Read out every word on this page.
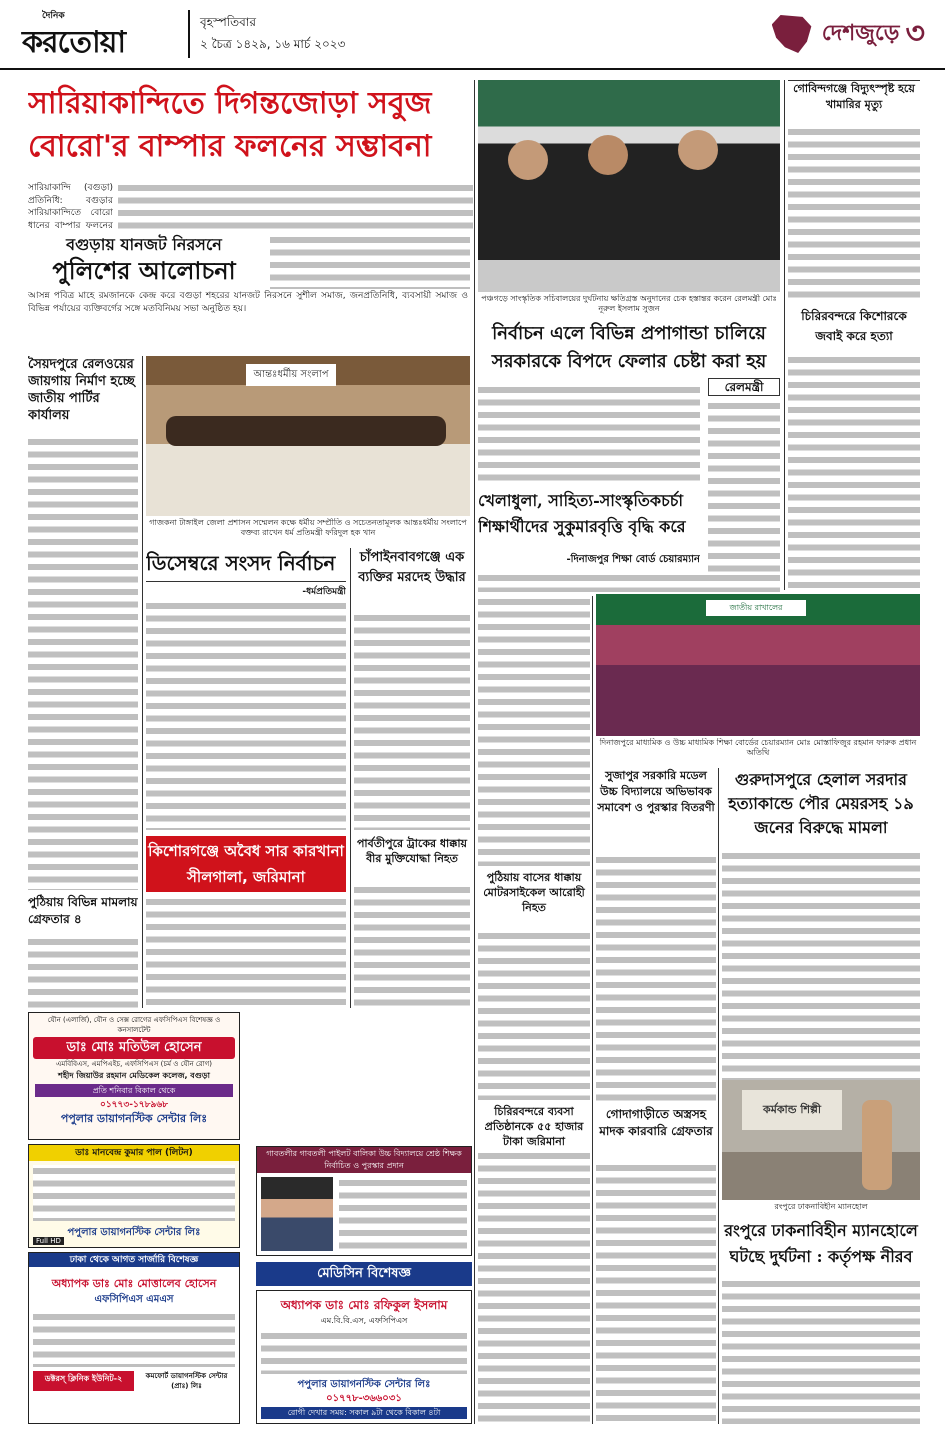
দৈনিক
করতোয়া
বৃহস্পতিবার
২ চৈত্র ১৪২৯, ১৬ মার্চ ২০২৩	দেশজুড়ে ৩
সারিয়াকান্দিতে দিগন্তজোড়া সবুজ
বোরো'র বাম্পার ফলনের সম্ভাবনা
সারিয়াকান্দি (বগুড়া) প্রতিনিধি: বগুড়ার সারিয়াকান্দিতে বোরো ধানের বাম্পার ফলনের
বগুড়ায় যানজট নিরসনে
পুলিশের আলোচনা
আসন্ন পবিত্র মাহে রমজানকে কেন্দ্র করে বগুড়া শহরের যানজট নিরসনে সুশীল সমাজ, জনপ্রতিনিধি, ব্যবসায়ী সমাজ ও বিভিন্ন পর্যায়ের ব্যক্তিবর্গের সঙ্গে মতবিনিময় সভা অনুষ্ঠিত হয়।
সৈয়দপুরে রেলওয়ের জায়গায় নির্মাণ হচ্ছে জাতীয় পার্টির কার্যালয়
পুঠিয়ায় বিভিন্ন মামলায় গ্রেফতার ৪
আন্তঃধর্মীয় সংলাপ
গাজকনা টাঙ্গাইল জেলা প্রশাসন সম্মেলন কক্ষে ধর্মীয় সম্প্রীতি ও সচেতনতামূলক আন্তঃধর্মীয় সংলাপে বক্তব্য রাখেন ধর্ম প্রতিমন্ত্রী ফরিদুল হক খান
ডিসেম্বরে সংসদ নির্বাচন
-ধর্মপ্রতিমন্ত্রী
চাঁপাইনবাবগঞ্জে এক ব্যক্তির মরদেহ উদ্ধার
কিশোরগঞ্জে অবৈধ সার কারখানা সীলগালা, জরিমানা
পার্বতীপুরে ট্রাকের ধাক্কায় বীর মুক্তিযোদ্ধা নিহত
যৌন (এলার্জি), যৌন ও সেক্স রোগের এফসিপিএস বিশেষজ্ঞ ও কনসালটেন্ট
ডাঃ মোঃ মতিউল হোসেন
এমবিবিএস, এমপিএইচ, এফসিপিএস (চর্ম ও যৌন রোগ)
শহীদ জিয়াউর রহমান মেডিকেল কলেজ, বগুড়া
প্রতি শনিবার বিকাল থেকে
০১৭৭৩-১৭৮৯৬৮
পপুলার ডায়াগনস্টিক সেন্টার লিঃ
ডাঃ মানবেন্দ্র কুমার পাল (লিটন)
পপুলার ডায়াগনস্টিক সেন্টার লিঃ
Full HD
ঢাকা থেকে আগত সার্জারি বিশেষজ্ঞ
অধ্যাপক ডাঃ মোঃ মোত্তালেব হোসেন
এফসিপিএস এমএস
ডক্টরস্ ক্লিনিক ইউনিট-২	কমফোর্ট ডায়াগনস্টিক সেন্টার (প্রাঃ) লিঃ
গাবতলীর গাবতলী পাইলট বালিকা উচ্চ বিদ্যালয়ে শ্রেষ্ঠ শিক্ষক নির্বাচিত ও পুরস্কার প্রদান
মেডিসিন বিশেষজ্ঞ
অধ্যাপক ডাঃ মোঃ রফিকুল ইসলাম
এম.বি.বি.এস, এফসিপিএস
পপুলার ডায়াগনস্টিক সেন্টার লিঃ
০১৭৭৮-৩৬৬০৩১
রোগী দেখার সময়: সকাল ৯টা থেকে বিকাল ৪টা
পঞ্চগড়ে সাংস্কৃতিক সচিবালয়ের দুর্ঘটনায় ক্ষতিগ্রস্ত অনুদানের চেক হস্তান্তর করেন রেলমন্ত্রী মোঃ নূরুল ইসলাম সুজন
নির্বাচন এলে বিভিন্ন প্রপাগান্ডা চালিয়ে সরকারকে বিপদে ফেলার চেষ্টা করা হয়
রেলমন্ত্রী
খেলাধুলা, সাহিত্য-সাংস্কৃতিকচর্চা শিক্ষার্থীদের সুকুমারবৃত্তি বৃদ্ধি করে
-দিনাজপুর শিক্ষা বোর্ড চেয়ারম্যান
জাতীয় রাখালের
দিনাজপুরে মাধ্যমিক ও উচ্চ মাধ্যমিক শিক্ষা বোর্ডের চেয়ারম্যান মোঃ মোস্তাফিজুর রহমান ফারুক প্রধান অতিথি
সুজাপুর সরকারি মডেল উচ্চ বিদ্যালয়ে অভিভাবক সমাবেশ ও পুরস্কার বিতরণী
পুঠিয়ায় বাসের ধাক্কায় মোটরসাইকেল আরোহী নিহত
চিরিরবন্দরে ব্যবসা প্রতিষ্ঠানকে ৫৫ হাজার টাকা জরিমানা
গোদাগাড়ীতে অস্ত্রসহ মাদক কারবারি গ্রেফতার
গোবিন্দগঞ্জে বিদ্যুৎস্পৃষ্ট হয়ে খামারির মৃত্যু
চিরিরবন্দরে কিশোরকে জবাই করে হত্যা
গুরুদাসপুরে হেলাল সরদার হত্যাকান্ডে পৌর মেয়রসহ ১৯ জনের বিরুদ্ধে মামলা
কর্মকান্ড শিল্পী
রংপুরে ঢাকনাবিহীন ম্যানহোল
রংপুরে ঢাকনাবিহীন ম্যানহোলে ঘটছে দুর্ঘটনা : কর্তৃপক্ষ নীরব
